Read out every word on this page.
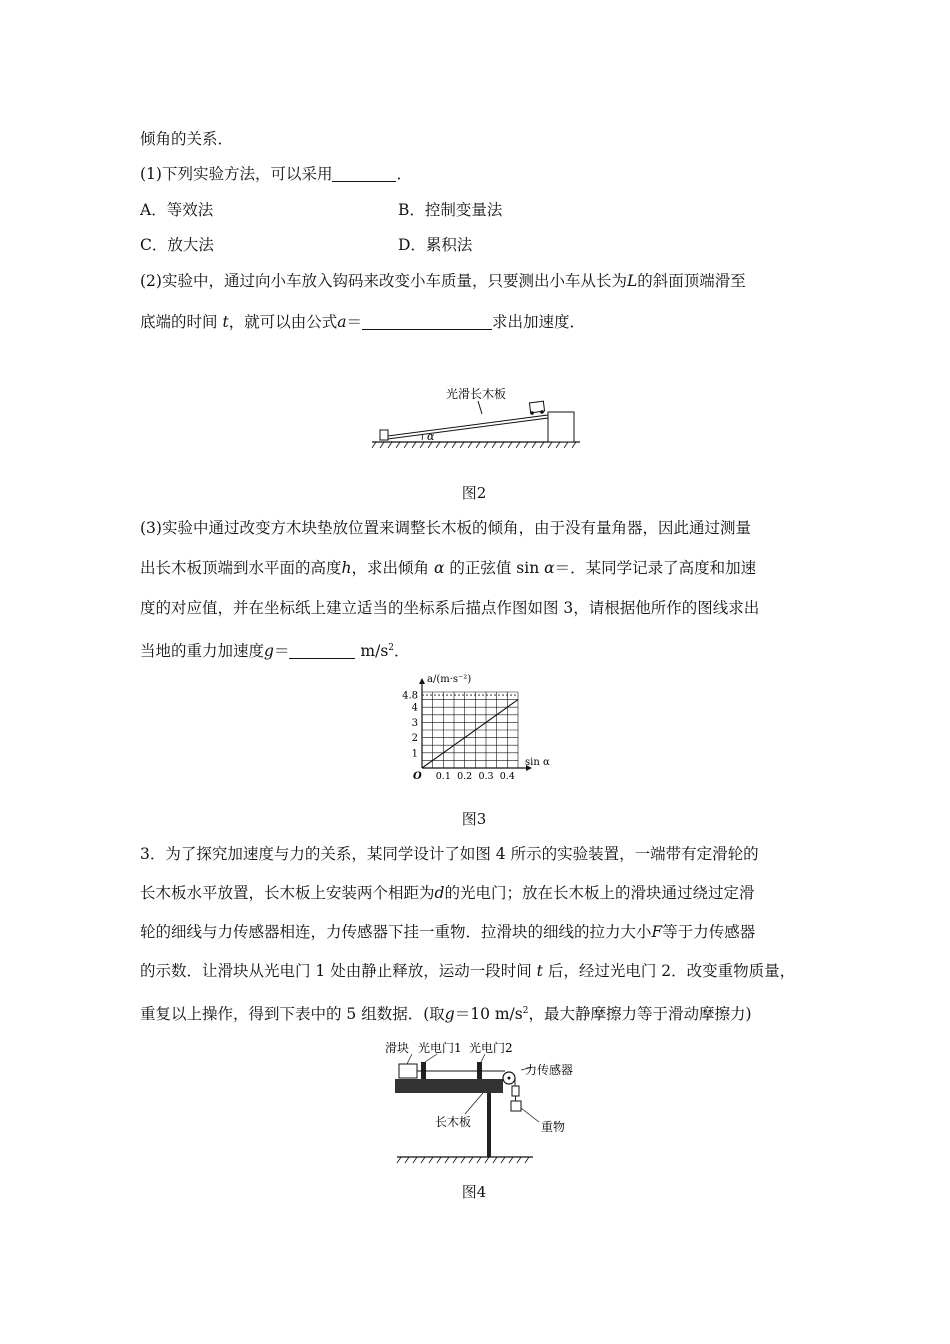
倾角的关系．
(1)下列实验方法，可以采用	．
A．等效法	B．控制变量法
C．放大法	D．累积法
(2)实验中，通过向小车放入钩码来改变小车质量，只要测出小车从长为L的斜面顶端滑至
底端的时间 t，就可以由公式a＝	求出加速度．
光滑长木板
α
图2
(3)实验中通过改变方木块垫放位置来调整长木板的倾角，由于没有量角器，因此通过测量
出长木板顶端到水平面的高度h，求出倾角 α 的正弦值 sin α＝．某同学记录了高度和加速
度的对应值，并在坐标纸上建立适当的坐标系后描点作图如图 3，请根据他所作的图线求出
当地的重力加速度g＝	$m/s^2$．
1
2
3
4
4.8
0.1 0.2 0.3 0.4
a/(m·s⁻²)
sin α
O
图3
3．为了探究加速度与力的关系，某同学设计了如图 4 所示的实验装置，一端带有定滑轮的
长木板水平放置，长木板上安装两个相距为d的光电门；放在长木板上的滑块通过绕过定滑
轮的细线与力传感器相连，力传感器下挂一重物．拉滑块的细线的拉力大小F等于力传感器
的示数．让滑块从光电门 1 处由静止释放，运动一段时间 t 后，经过光电门 2．改变重物质量，
重复以上操作，得到下表中的 5 组数据．(取g＝10 $m/s^2$，最大静摩擦力等于滑动摩擦力)
滑块 光电门1 光电门2
力传感器
长木板	重物
图4
